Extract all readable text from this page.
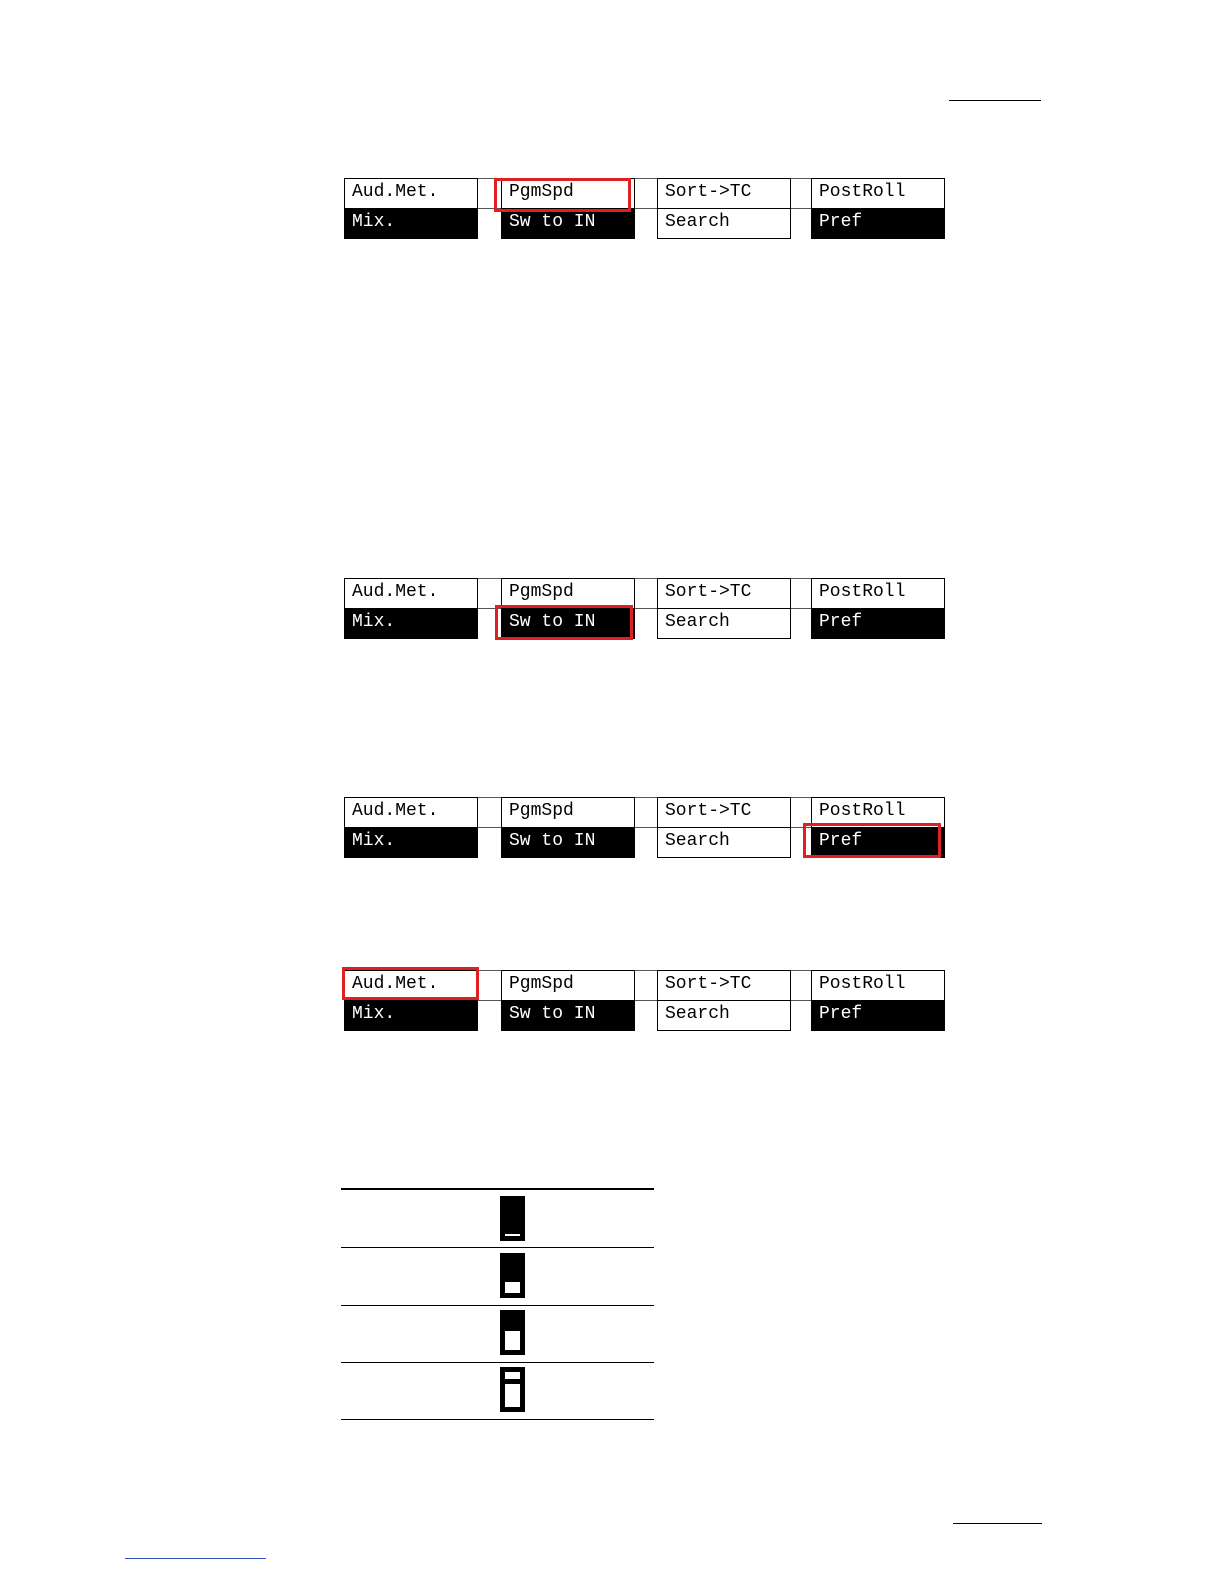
Aud.Met.	PgmSpd	Sort->TC	PostRoll
Mix.	Sw to IN	Search	Pref
Aud.Met.	PgmSpd	Sort->TC	PostRoll
Mix.	Sw to IN	Search	Pref
Aud.Met.	PgmSpd	Sort->TC	PostRoll
Mix.	Sw to IN	Search	Pref
Aud.Met.	PgmSpd	Sort->TC	PostRoll
Mix.	Sw to IN	Search	Pref
